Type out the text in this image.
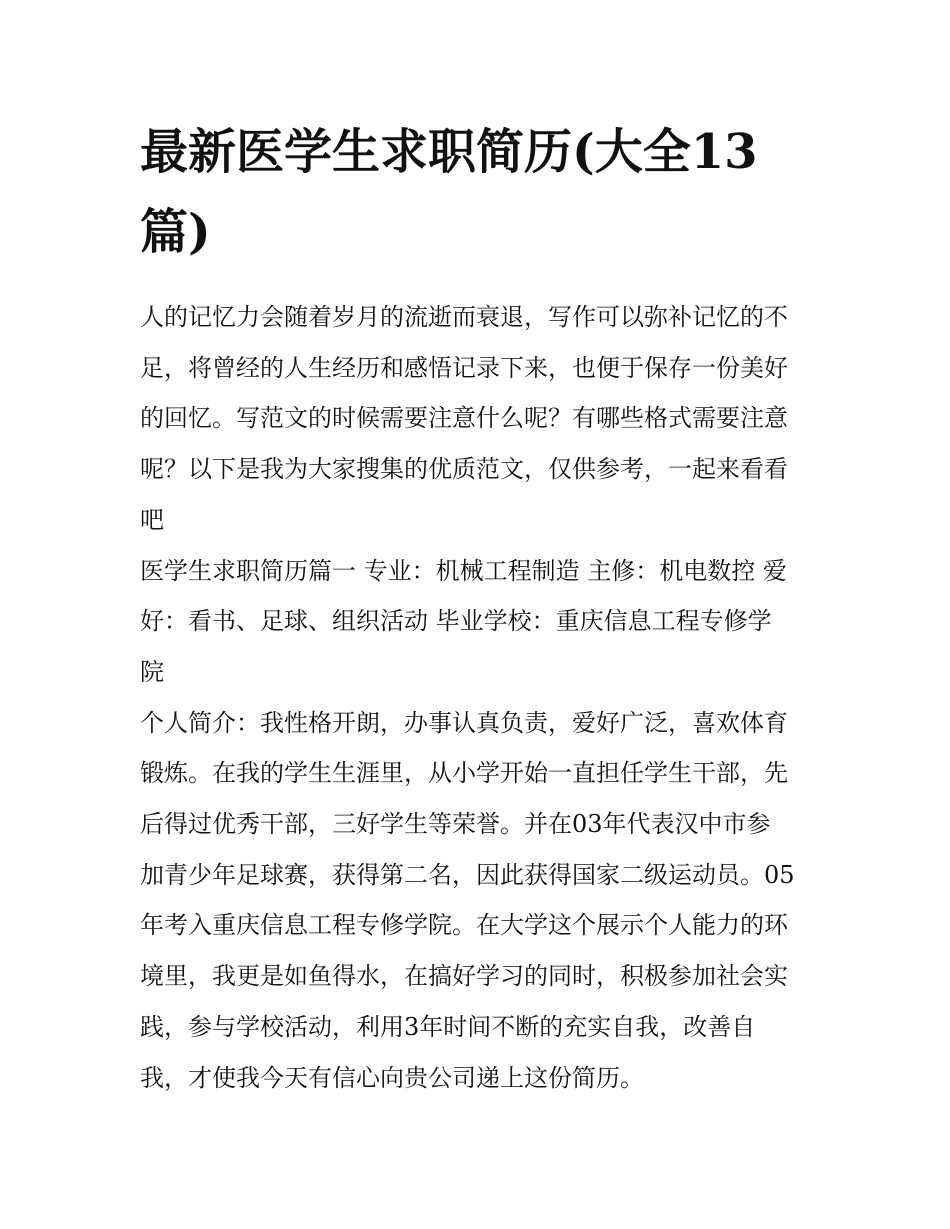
最新医学生求职简历(大全13
篇)

人的记忆力会随着岁月的流逝而衰退，写作可以弥补记忆的不
足，将曾经的人生经历和感悟记录下来，也便于保存一份美好
的回忆。写范文的时候需要注意什么呢？有哪些格式需要注意
呢？以下是我为大家搜集的优质范文，仅供参考，一起来看看
吧

医学生求职简历篇一 专业：机械工程制造 主修：机电数控 爱
好：看书、足球、组织活动 毕业学校：重庆信息工程专修学
院

个人简介：我性格开朗，办事认真负责，爱好广泛，喜欢体育
锻炼。在我的学生生涯里，从小学开始一直担任学生干部，先
后得过优秀干部，三好学生等荣誉。并在03年代表汉中市参
加青少年足球赛，获得第二名，因此获得国家二级运动员。05
年考入重庆信息工程专修学院。在大学这个展示个人能力的环
境里，我更是如鱼得水，在搞好学习的同时，积极参加社会实
践，参与学校活动，利用3年时间不断的充实自我，改善自
我，才使我今天有信心向贵公司递上这份简历。
